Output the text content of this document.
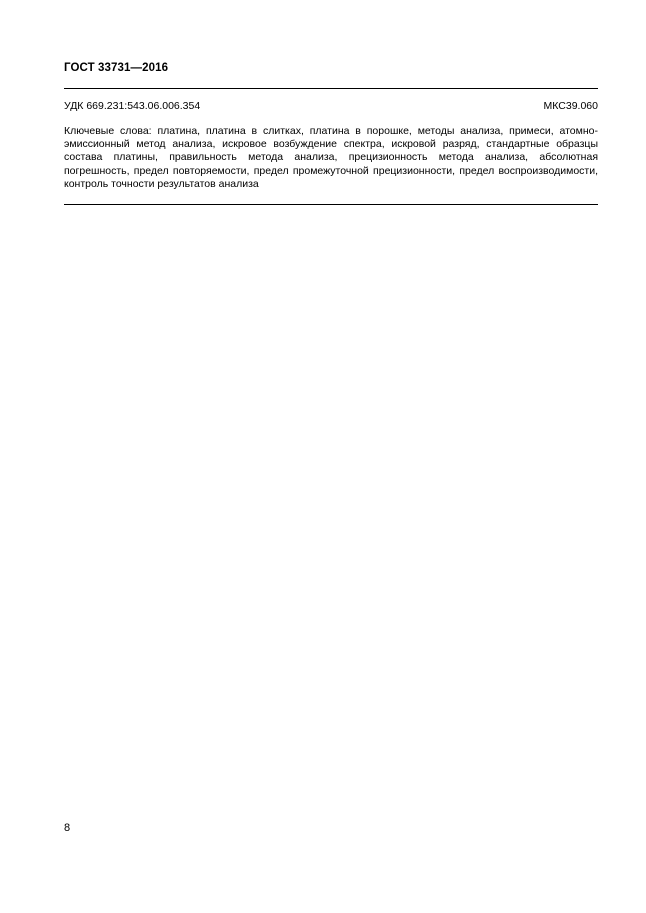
ГОСТ 33731—2016
УДК 669.231:543.06.006.354	МКС39.060
Ключевые слова: платина, платина в слитках, платина в порошке, методы анализа, примеси, атомно-эмиссионный метод анализа, искровое возбуждение спектра, искровой разряд, стандартные образцы состава платины, правильность метода анализа, прецизионность метода анализа, абсолютная погрешность, предел повторяемости, предел промежуточной прецизионности, предел воспроизводимости, контроль точности результатов анализа
8
